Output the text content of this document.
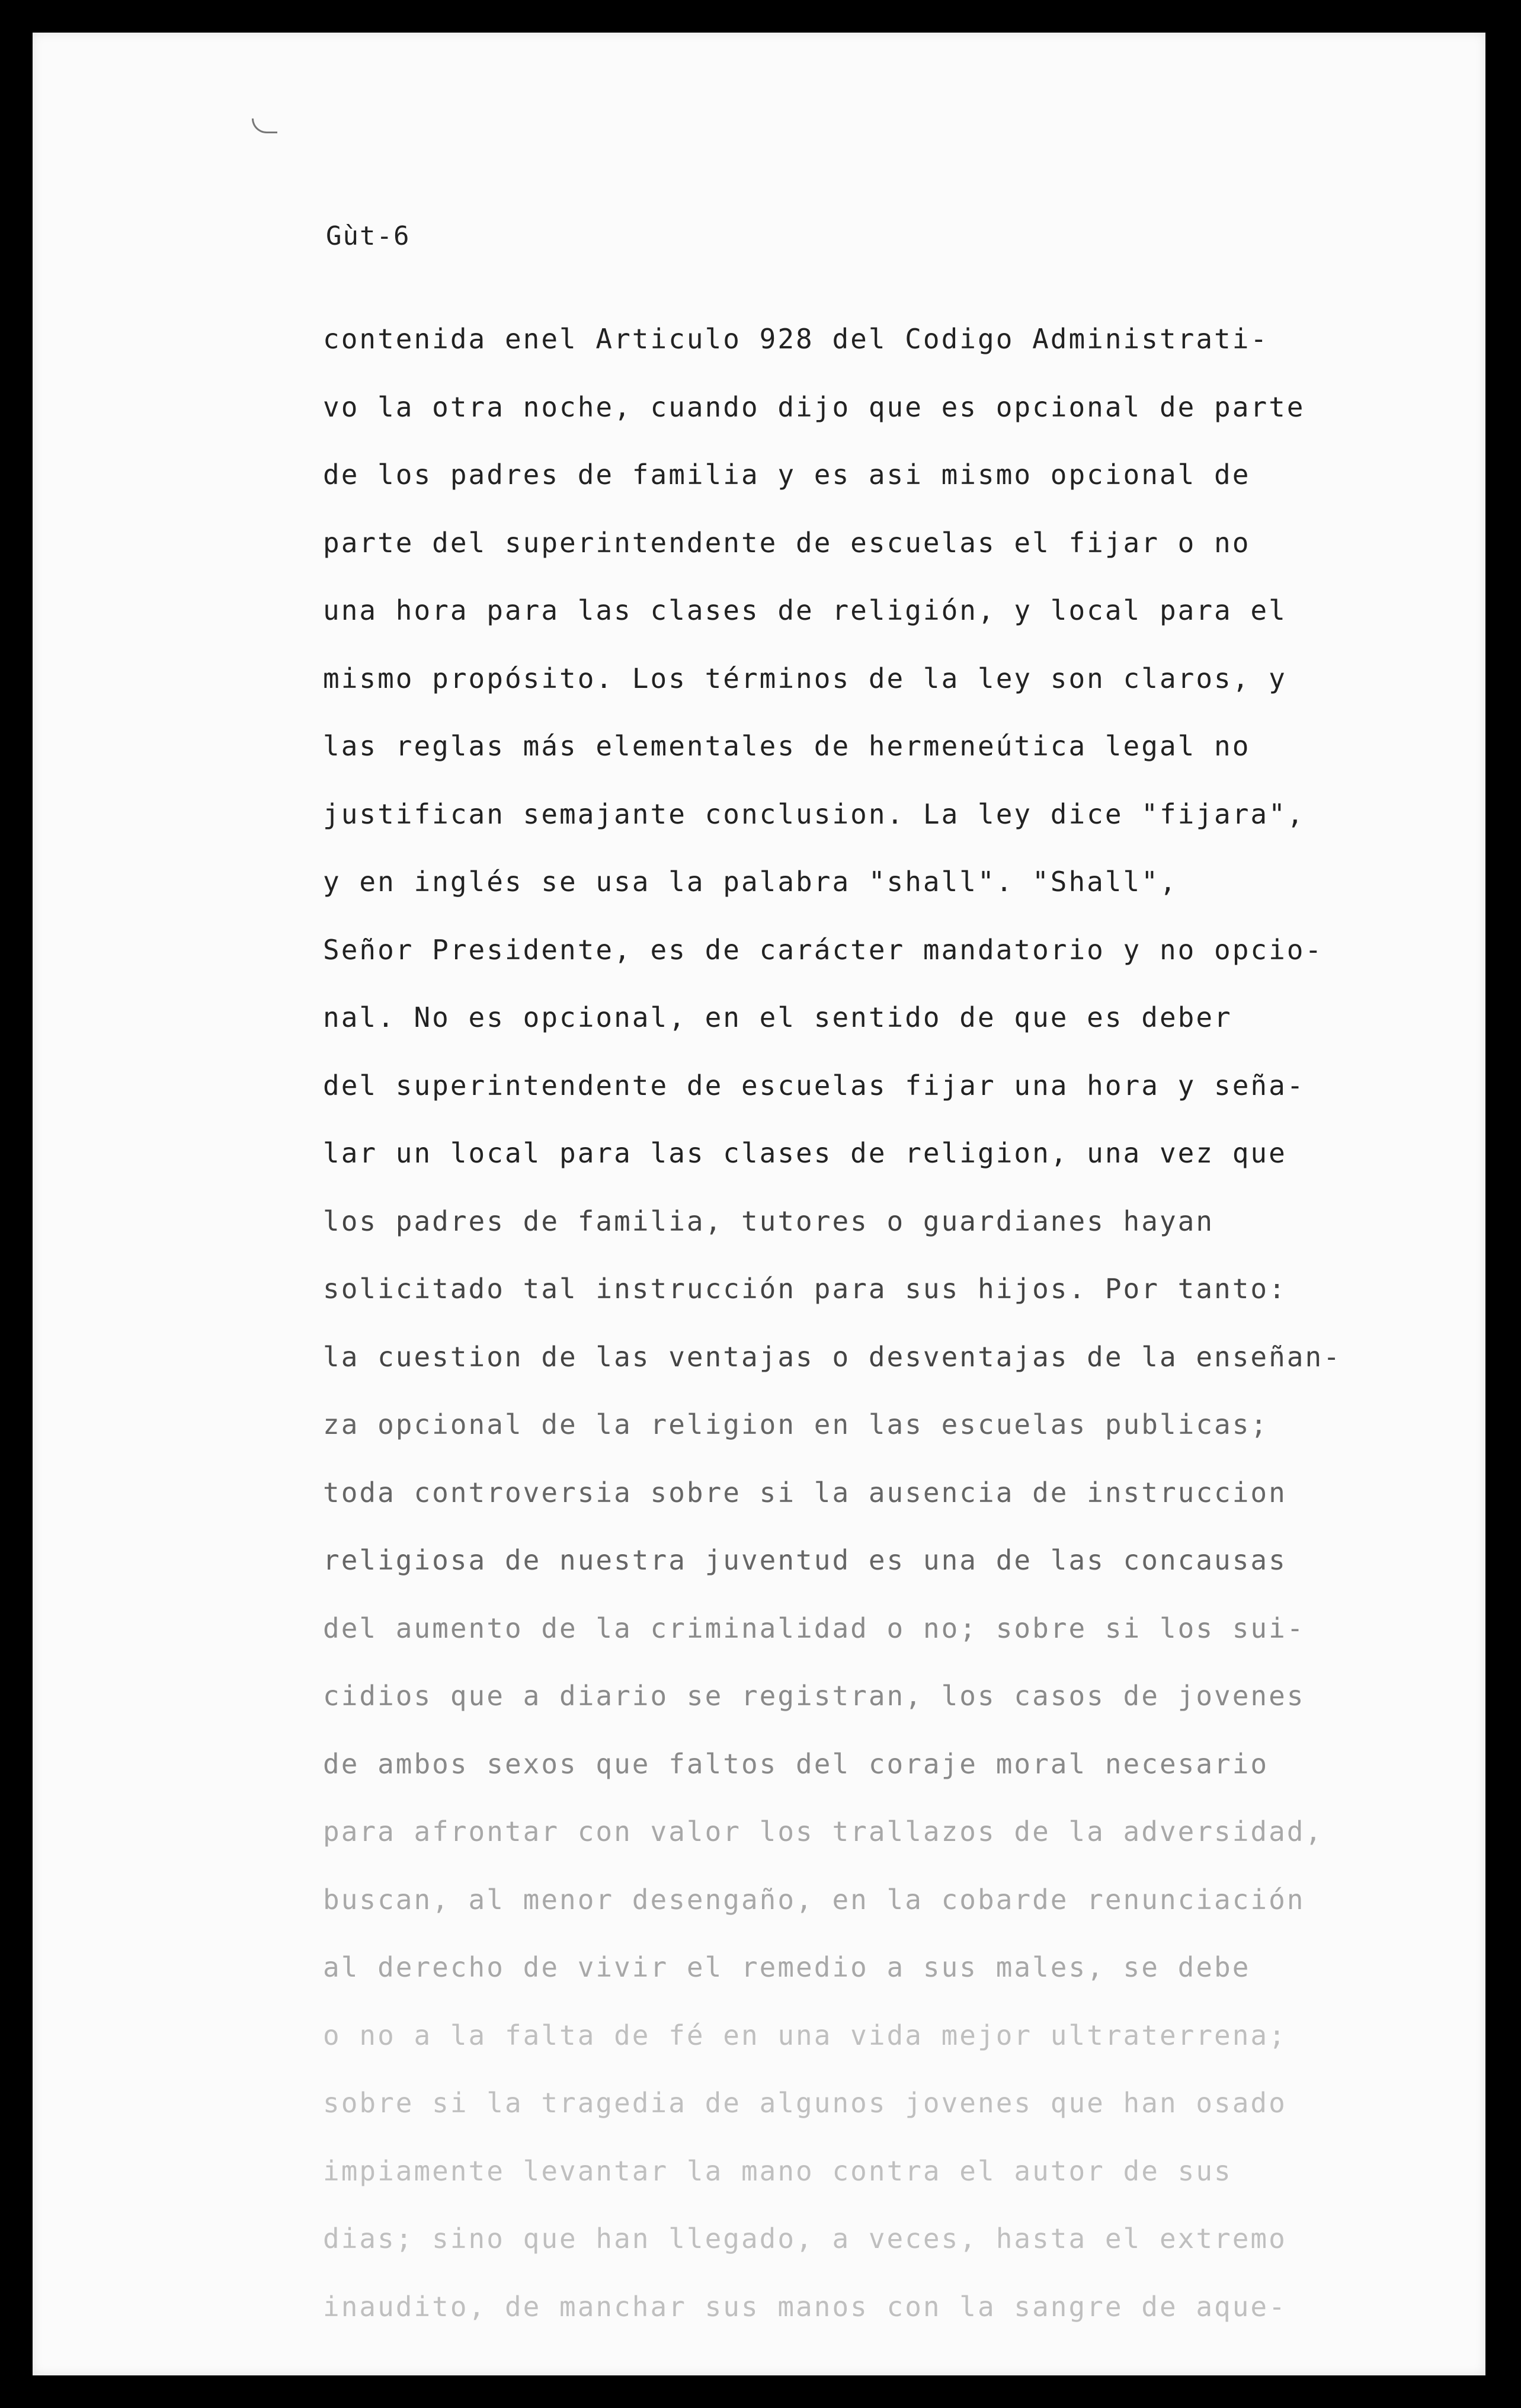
Gùt-6
contenida enel Articulo 928 del Codigo Administrati-
vo la otra noche, cuando dijo que es opcional de parte
de los padres de familia y es asi mismo opcional de
parte del superintendente de escuelas el fijar o no
una hora para las clases de religión, y local para el
mismo propósito. Los términos de la ley son claros, y
las reglas más elementales de hermeneútica legal no
justifican semajante conclusion. La ley dice "fijara",
y en inglés se usa la palabra "shall". "Shall",
Señor Presidente, es de carácter mandatorio y no opcio-
nal. No es opcional, en el sentido de que es deber
del superintendente de escuelas fijar una hora y seña-
lar un local para las clases de religion, una vez que
los padres de familia, tutores o guardianes hayan
solicitado tal instrucción para sus hijos. Por tanto:
la cuestion de las ventajas o desventajas de la enseñan-
za opcional de la religion en las escuelas publicas;
toda controversia sobre si la ausencia de instruccion
religiosa de nuestra juventud es una de las concausas
del aumento de la criminalidad o no; sobre si los sui-
cidios que a diario se registran, los casos de jovenes
de ambos sexos que faltos del coraje moral necesario
para afrontar con valor los trallazos de la adversidad,
buscan, al menor desengaño, en la cobarde renunciación
al derecho de vivir el remedio a sus males, se debe
o no a la falta de fé en una vida mejor ultraterrena;
sobre si la tragedia de algunos jovenes que han osado
impiamente levantar la mano contra el autor de sus
dias; sino que han llegado, a veces, hasta el extremo
inaudito, de manchar sus manos con la sangre de aque-
